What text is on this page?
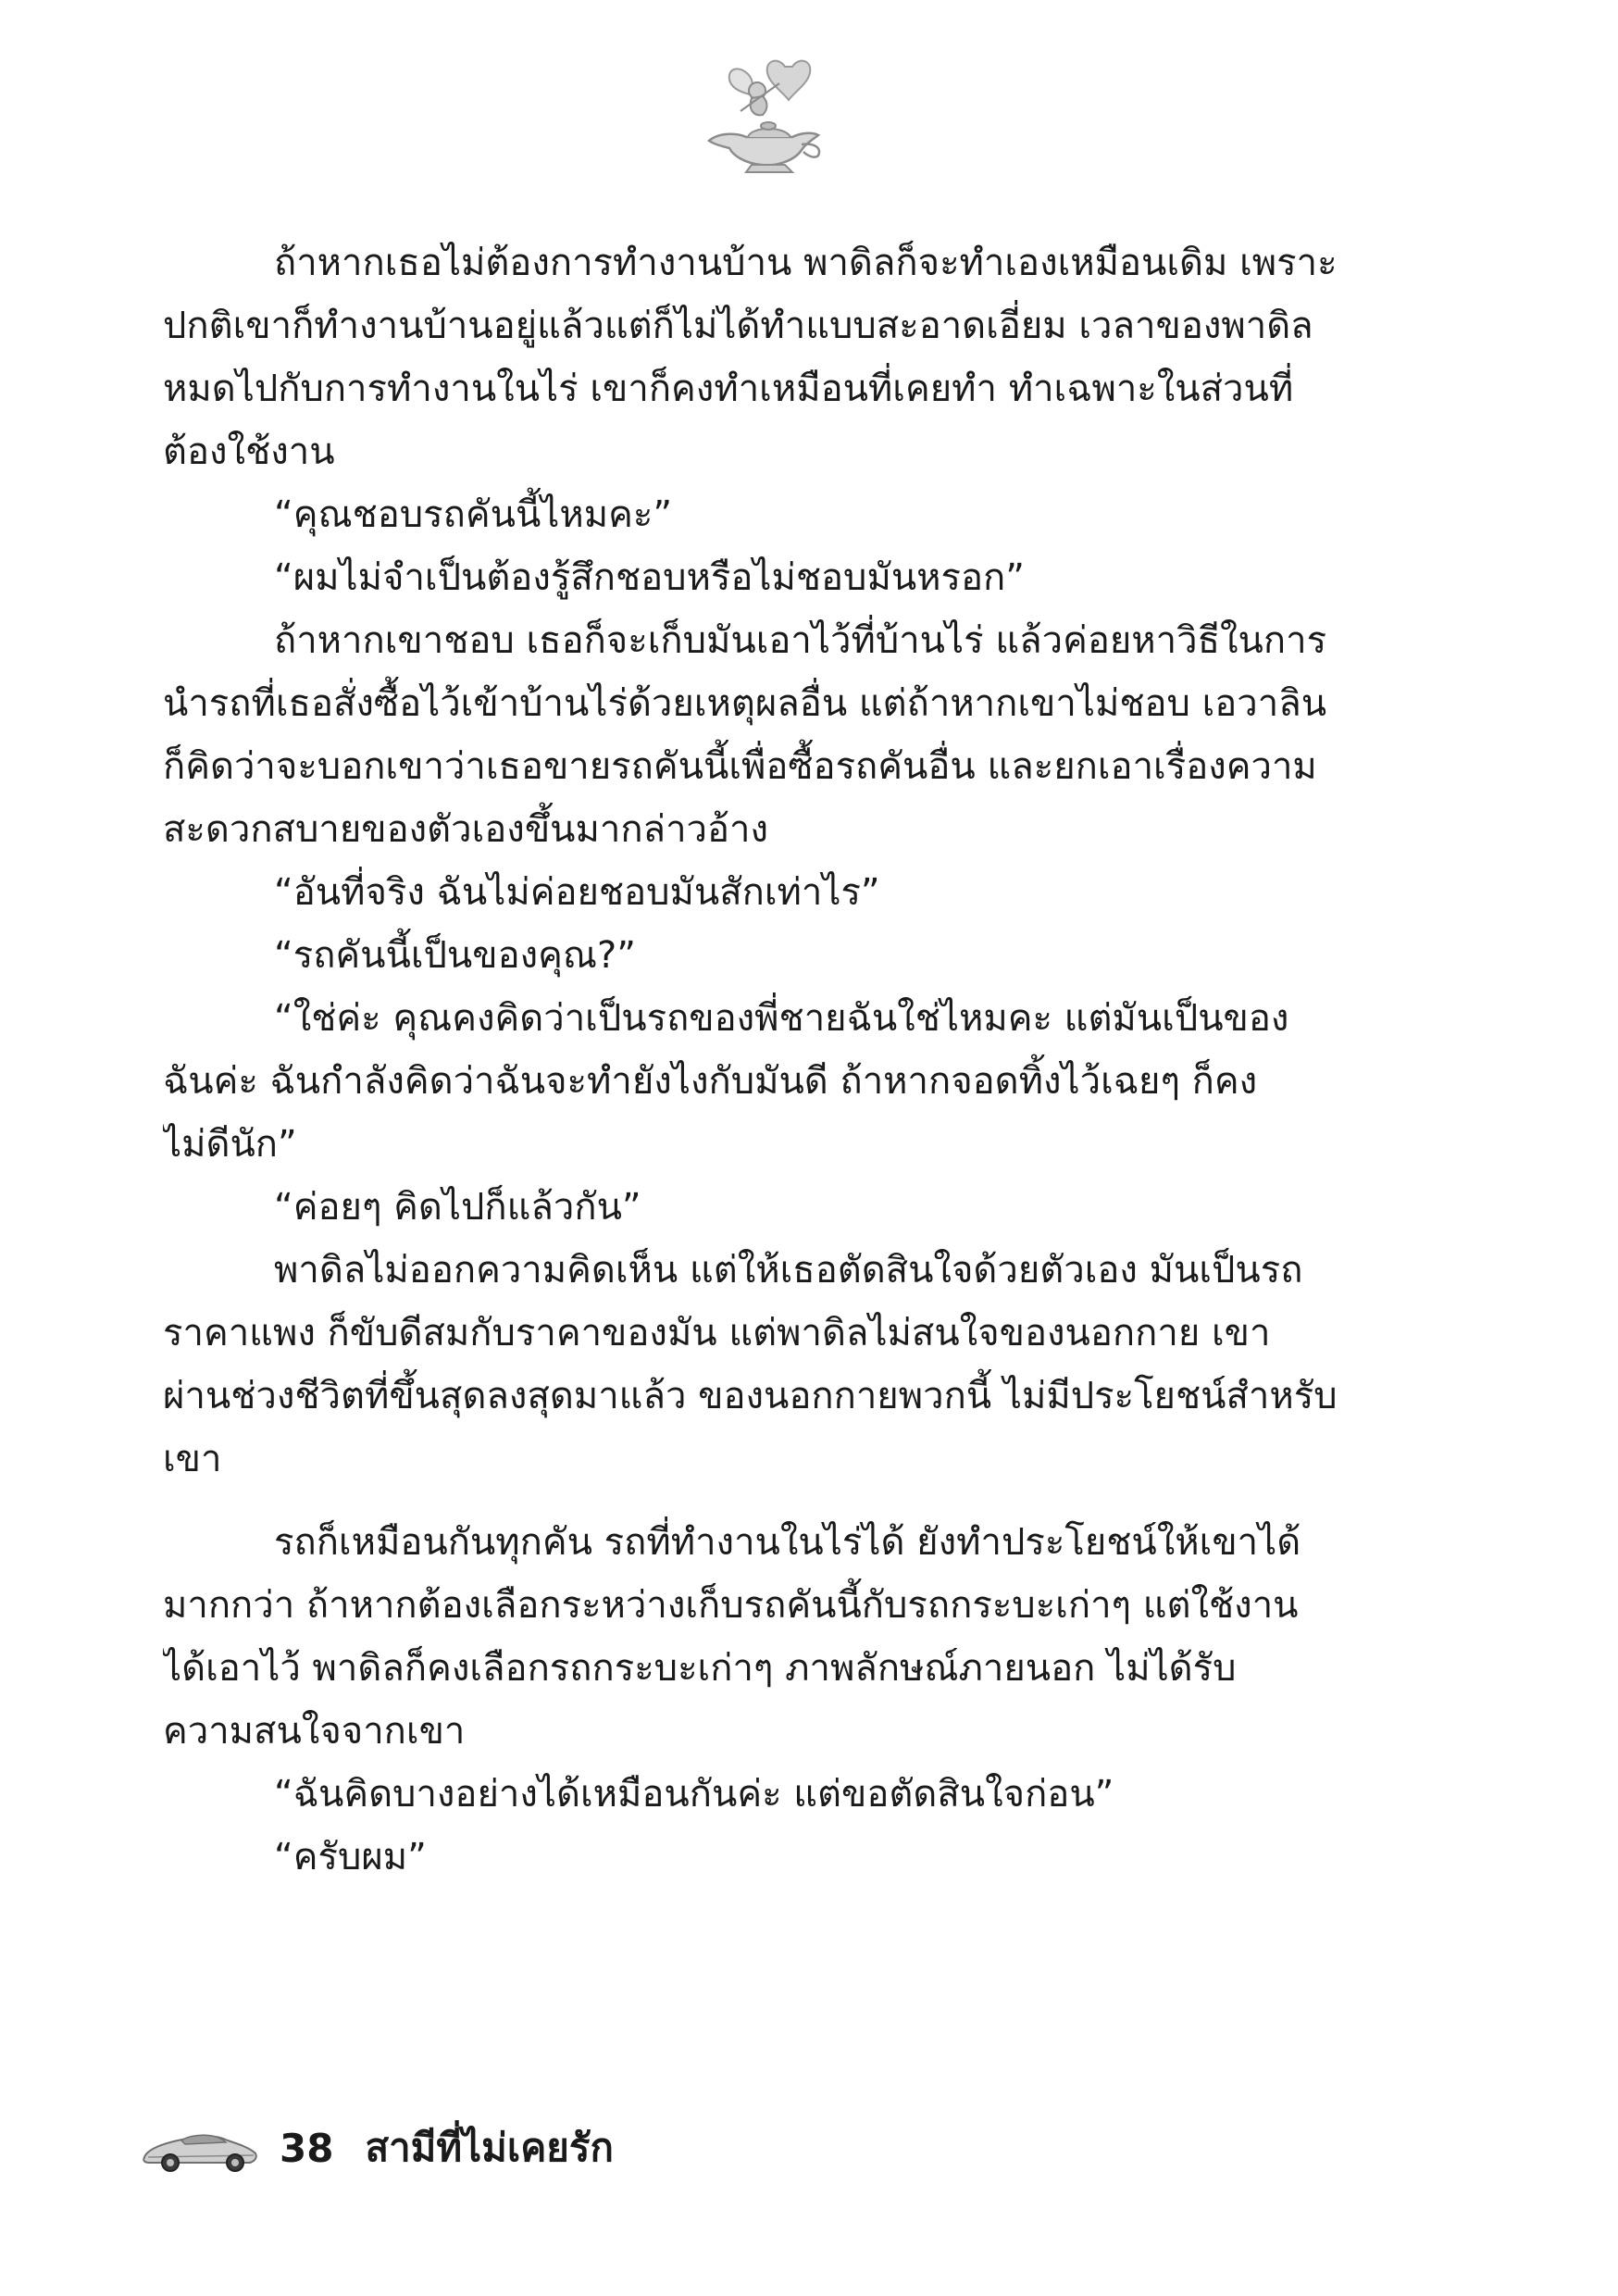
ถ้าหากเธอไม่ต้องการทำงานบ้าน พาดิลก็จะทำเองเหมือนเดิม เพราะ
ปกติเขาก็ทำงานบ้านอยู่แล้วแต่ก็ไม่ได้ทำแบบสะอาดเอี่ยม เวลาของพาดิล
หมดไปกับการทำงานในไร่ เขาก็คงทำเหมือนที่เคยทำ ทำเฉพาะในส่วนที่
ต้องใช้งาน
“คุณชอบรถคันนี้ไหมคะ”
“ผมไม่จำเป็นต้องรู้สึกชอบหรือไม่ชอบมันหรอก”
ถ้าหากเขาชอบ เธอก็จะเก็บมันเอาไว้ที่บ้านไร่ แล้วค่อยหาวิธีในการ
นำรถที่เธอสั่งซื้อไว้เข้าบ้านไร่ด้วยเหตุผลอื่น แต่ถ้าหากเขาไม่ชอบ เอวาลิน
ก็คิดว่าจะบอกเขาว่าเธอขายรถคันนี้เพื่อซื้อรถคันอื่น และยกเอาเรื่องความ
สะดวกสบายของตัวเองขึ้นมากล่าวอ้าง
“อันที่จริง ฉันไม่ค่อยชอบมันสักเท่าไร”
“รถคันนี้เป็นของคุณ?”
“ใช่ค่ะ คุณคงคิดว่าเป็นรถของพี่ชายฉันใช่ไหมคะ แต่มันเป็นของ
ฉันค่ะ ฉันกำลังคิดว่าฉันจะทำยังไงกับมันดี ถ้าหากจอดทิ้งไว้เฉยๆ ก็คง
ไม่ดีนัก”
“ค่อยๆ คิดไปก็แล้วกัน”
พาดิลไม่ออกความคิดเห็น แต่ให้เธอตัดสินใจด้วยตัวเอง มันเป็นรถ
ราคาแพง ก็ขับดีสมกับราคาของมัน แต่พาดิลไม่สนใจของนอกกาย เขา
ผ่านช่วงชีวิตที่ขึ้นสุดลงสุดมาแล้ว ของนอกกายพวกนี้ ไม่มีประโยชน์สำหรับ
เขา
รถก็เหมือนกันทุกคัน รถที่ทำงานในไร่ได้ ยังทำประโยชน์ให้เขาได้
มากกว่า ถ้าหากต้องเลือกระหว่างเก็บรถคันนี้กับรถกระบะเก่าๆ แต่ใช้งาน
ได้เอาไว้ พาดิลก็คงเลือกรถกระบะเก่าๆ ภาพลักษณ์ภายนอก ไม่ได้รับ
ความสนใจจากเขา
“ฉันคิดบางอย่างได้เหมือนกันค่ะ แต่ขอตัดสินใจก่อน”
“ครับผม”
38 สามีที่ไม่เคยรัก
